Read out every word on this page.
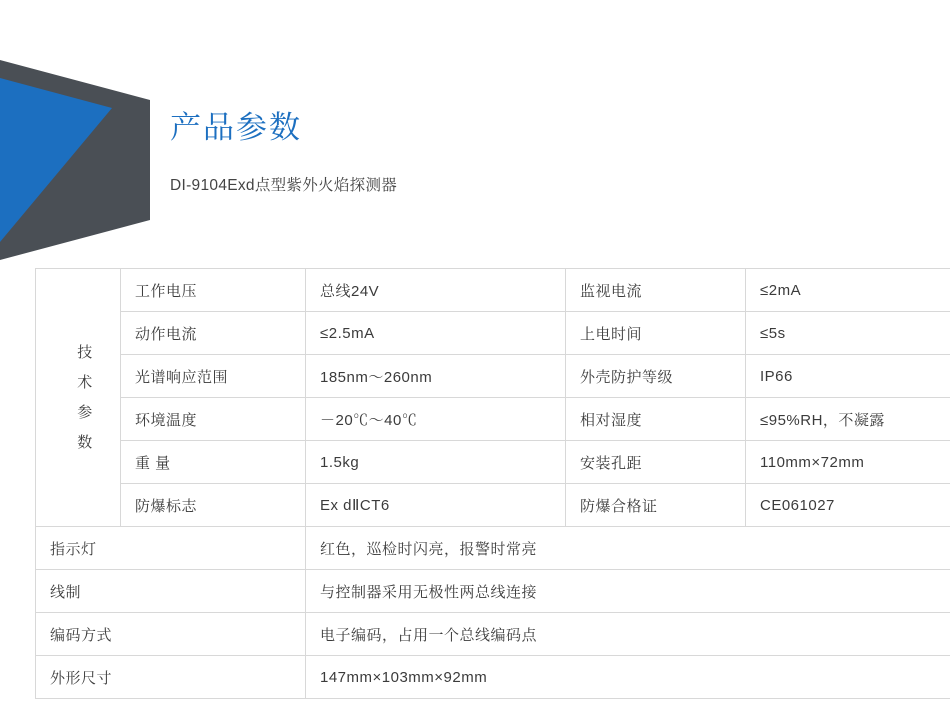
产品参数
DI-9104Exd点型紫外火焰探测器
技
术
参
数	工作电压	总线24V	监视电流	≤2mA
	动作电流	≤2.5mA	上电时间	≤5s
	光谱响应范围	185nm～260nm	外壳防护等级	IP66
	环境温度	－20℃～40℃	相对湿度	≤95%RH，不凝露
	重 量	1.5kg	安装孔距	110mm×72mm
	防爆标志	Ex dⅡCT6	防爆合格证	CE061027
指示灯		红色，巡检时闪亮，报警时常亮		
线制		与控制器采用无极性两总线连接		
编码方式		电子编码，占用一个总线编码点		
外形尺寸		147mm×103mm×92mm		
